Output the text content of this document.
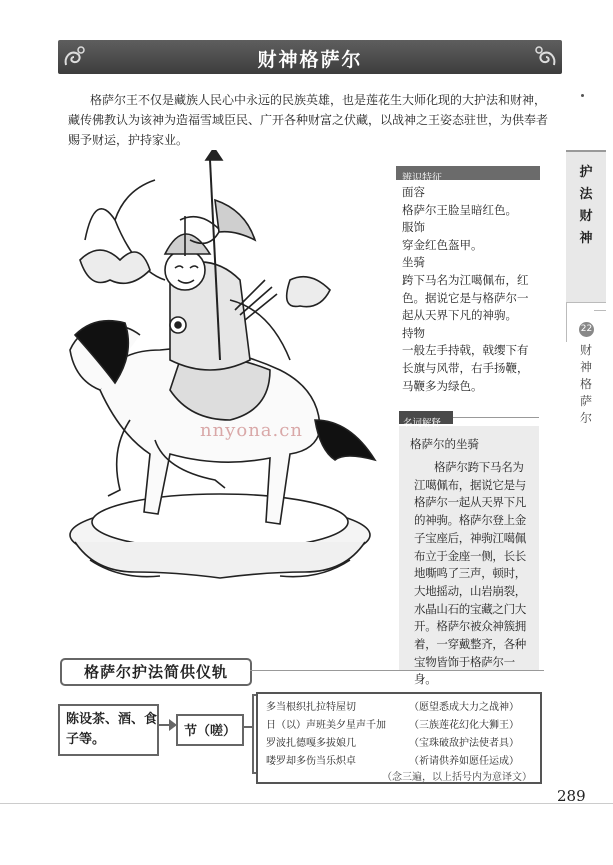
财神格萨尔
格萨尔王不仅是藏族人民心中永远的民族英雄，也是莲花生大师化现的大护法和财神，藏传佛教认为该神为造福雪域臣民、广开各种财富之伏藏，以战神之王姿态驻世，为供奉者赐予财运，护持家业。
护法财神
22
财神格萨尔
nnyona.cn
辨识特征
面容
格萨尔王脸呈暗红色。
服饰
穿金红色盔甲。
坐骑
跨下马名为江噶佩布，红
色。据说它是与格萨尔一
起从天界下凡的神驹。
持物
一般左手持戟，戟缨下有
长旗与风带，右手扬鞭，
马鞭多为绿色。
名词解释
格萨尔的坐骑
格萨尔跨下马名为江噶佩布，据说它是与格萨尔一起从天界下凡的神驹。格萨尔登上金子宝座后，神驹江噶佩布立于金座一侧，长长地嘶鸣了三声，顿时，大地摇动，山岩崩裂，水晶山石的宝藏之门大开。格萨尔被众神簇拥着，一穿戴整齐，各种宝物皆饰于格萨尔一身。
格萨尔护法简供仪轨
陈设茶、酒、食子等。
节（嗟）
多当根织扎拉特屋切	（愿望悉成大力之战神）
日（以）声班美夕星声千加 （三族莲花幻化大狮王）
罗波扎德嘎多拔娘几	（宝珠破敌护法使者具）
喽罗却多伤当乐炽卓	（祈请供养如愿任运成）
（念三遍，以上括号内为意译文）
289
